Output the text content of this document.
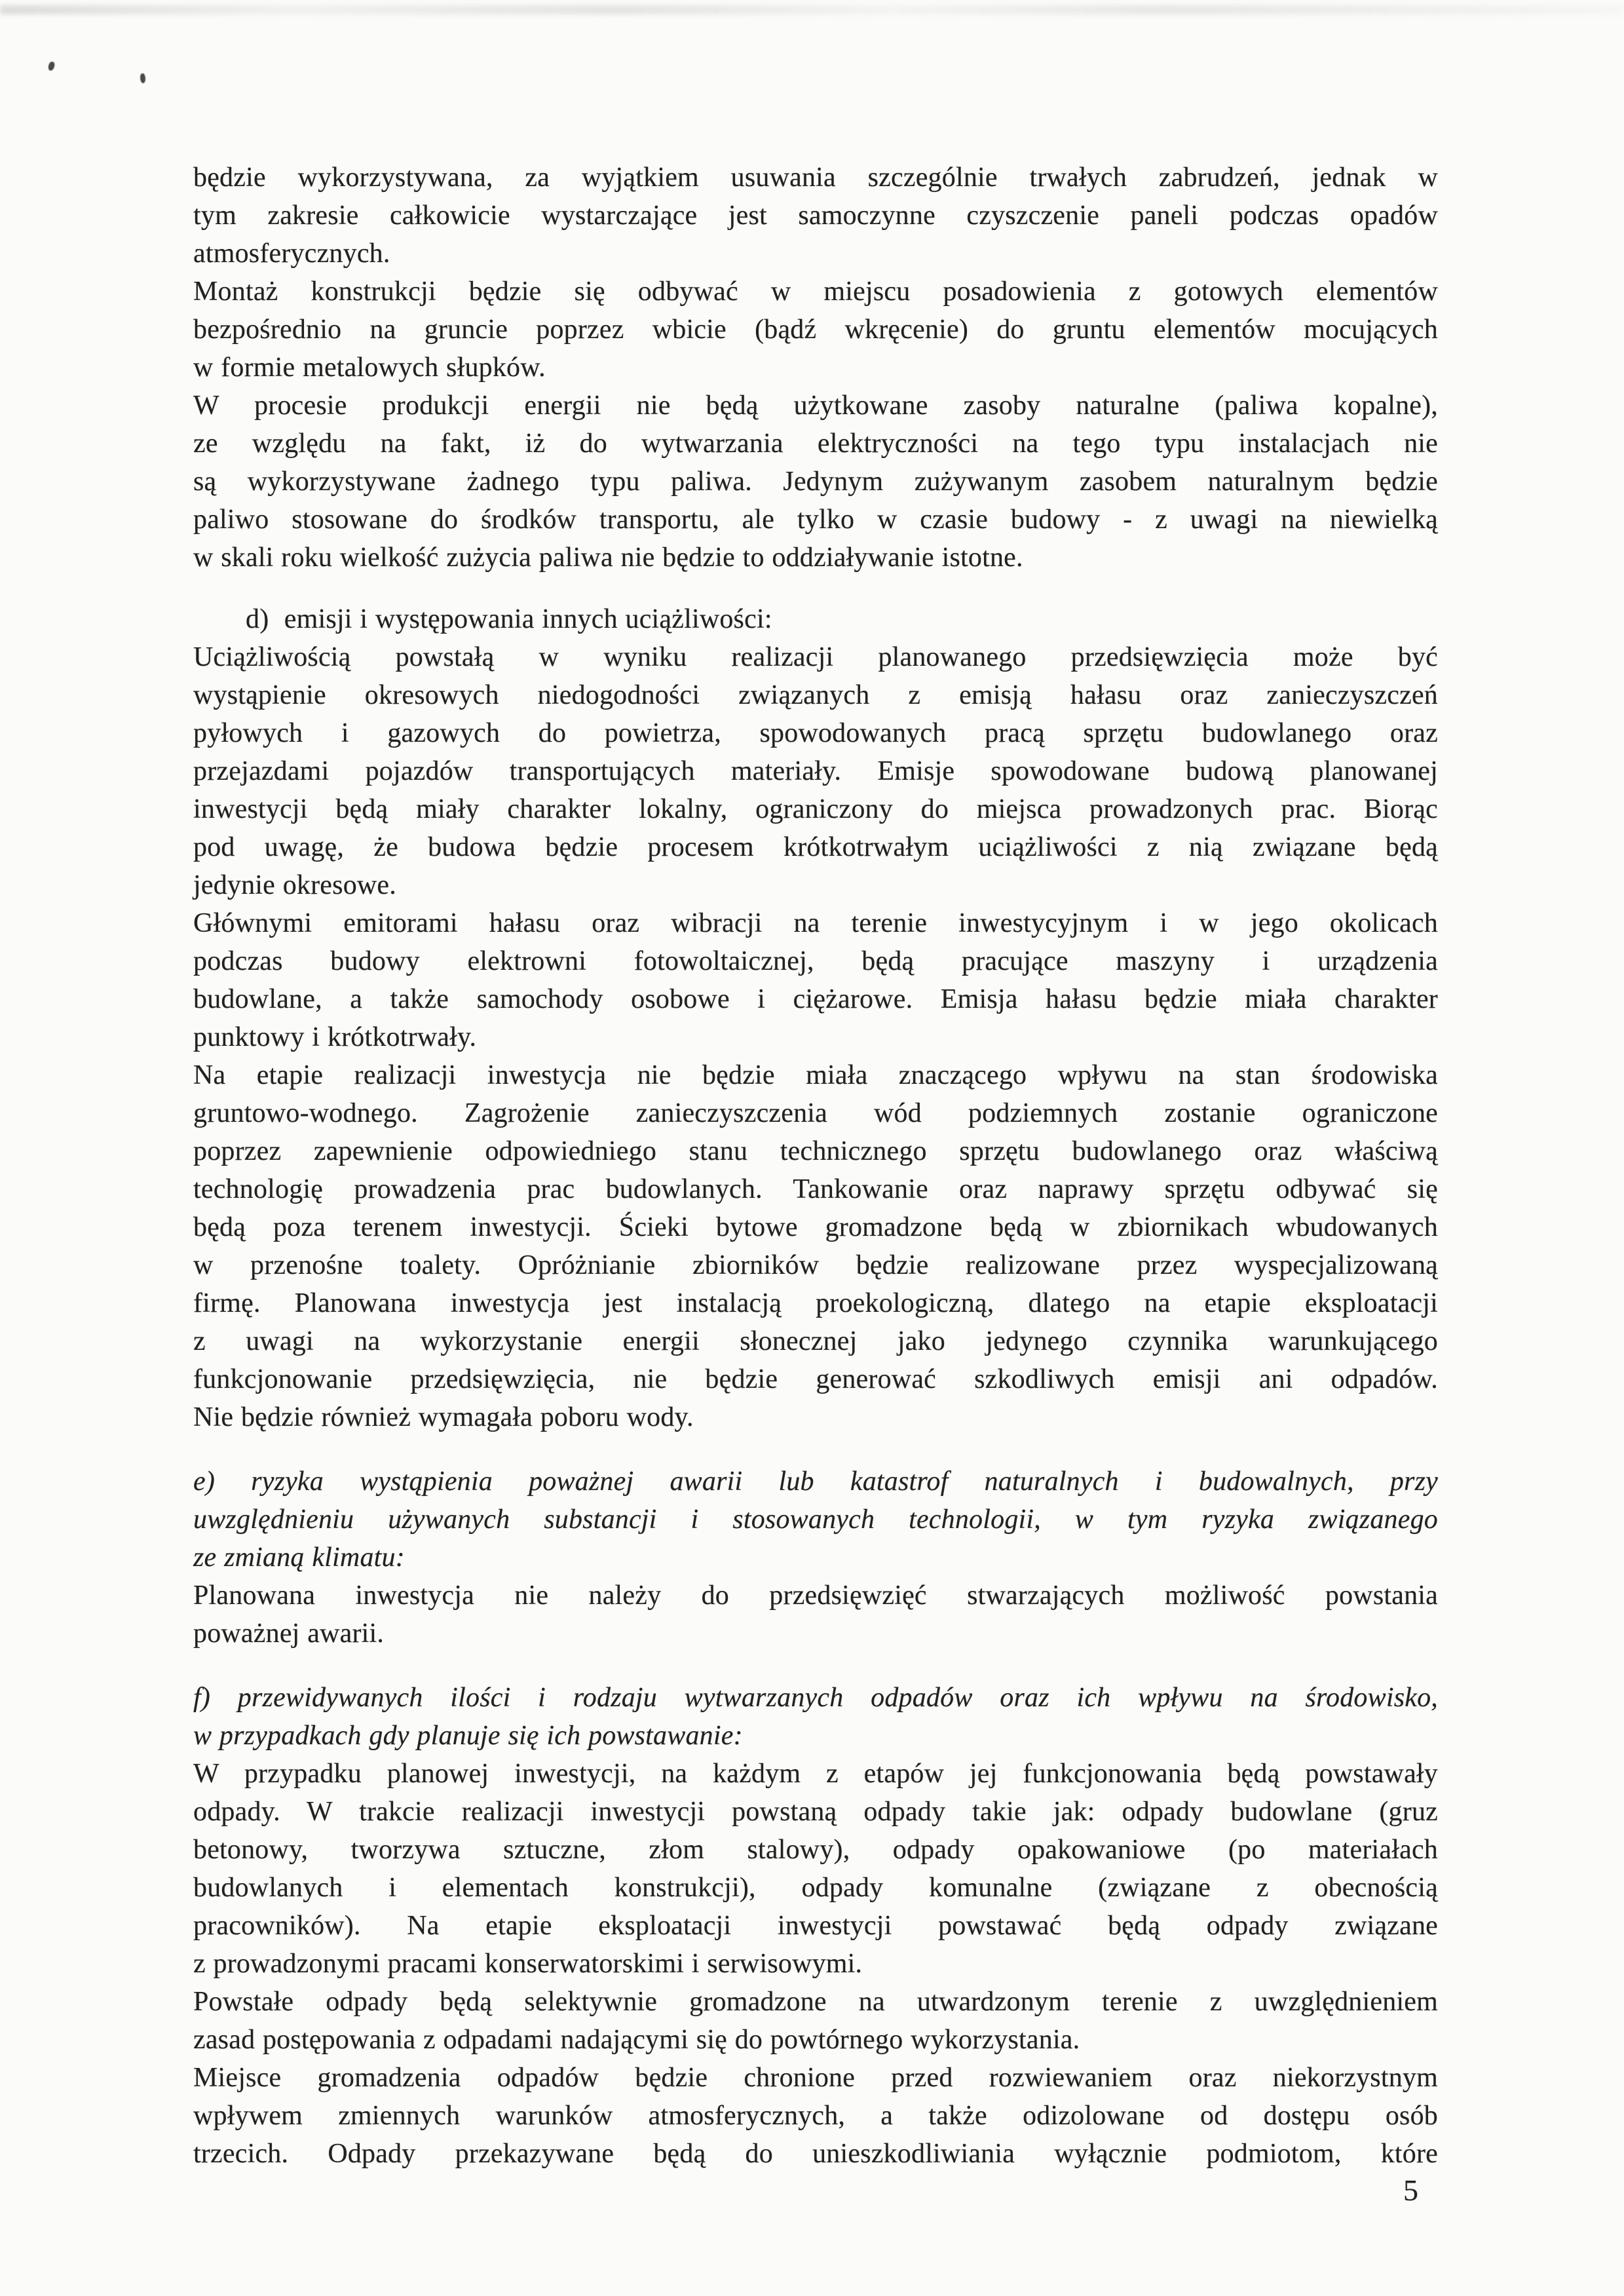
będzie wykorzystywana, za wyjątkiem usuwania szczególnie trwałych zabrudzeń, jednak w
tym zakresie całkowicie wystarczające jest samoczynne czyszczenie paneli podczas opadów
atmosferycznych.
Montaż konstrukcji będzie się odbywać w miejscu posadowienia z gotowych elementów
bezpośrednio na gruncie poprzez wbicie (bądź wkręcenie) do gruntu elementów mocujących
w formie metalowych słupków.
W procesie produkcji energii nie będą użytkowane zasoby naturalne (paliwa kopalne),
ze względu na fakt, iż do wytwarzania elektryczności na tego typu instalacjach nie
są wykorzystywane żadnego typu paliwa. Jedynym zużywanym zasobem naturalnym będzie
paliwo stosowane do środków transportu, ale tylko w czasie budowy - z uwagi na niewielką
w skali roku wielkość zużycia paliwa nie będzie to oddziaływanie istotne.
d)  emisji i występowania innych uciążliwości:
Uciążliwością powstałą w wyniku realizacji planowanego przedsięwzięcia może być
wystąpienie okresowych niedogodności związanych z emisją hałasu oraz zanieczyszczeń
pyłowych i gazowych do powietrza, spowodowanych pracą sprzętu budowlanego oraz
przejazdami pojazdów transportujących materiały. Emisje spowodowane budową planowanej
inwestycji będą miały charakter lokalny, ograniczony do miejsca prowadzonych prac. Biorąc
pod uwagę, że budowa będzie procesem krótkotrwałym uciążliwości z nią związane będą
jedynie okresowe.
Głównymi emitorami hałasu oraz wibracji na terenie inwestycyjnym i w jego okolicach
podczas budowy elektrowni fotowoltaicznej, będą pracujące maszyny i urządzenia
budowlane, a także samochody osobowe i ciężarowe. Emisja hałasu będzie miała charakter
punktowy i krótkotrwały.
Na etapie realizacji inwestycja nie będzie miała znaczącego wpływu na stan środowiska
gruntowo-wodnego. Zagrożenie zanieczyszczenia wód podziemnych zostanie ograniczone
poprzez zapewnienie odpowiedniego stanu technicznego sprzętu budowlanego oraz właściwą
technologię prowadzenia prac budowlanych. Tankowanie oraz naprawy sprzętu odbywać się
będą poza terenem inwestycji. Ścieki bytowe gromadzone będą w zbiornikach wbudowanych
w przenośne toalety. Opróżnianie zbiorników będzie realizowane przez wyspecjalizowaną
firmę. Planowana inwestycja jest instalacją proekologiczną, dlatego na etapie eksploatacji
z uwagi na wykorzystanie energii słonecznej jako jedynego czynnika warunkującego
funkcjonowanie przedsięwzięcia, nie będzie generować szkodliwych emisji ani odpadów.
Nie będzie również wymagała poboru wody.
e) ryzyka wystąpienia poważnej awarii lub katastrof naturalnych i budowalnych, przy
uwzględnieniu używanych substancji i stosowanych technologii, w tym ryzyka związanego
ze zmianą klimatu:
Planowana inwestycja nie należy do przedsięwzięć stwarzających możliwość powstania
poważnej awarii.
f) przewidywanych ilości i rodzaju wytwarzanych odpadów oraz ich wpływu na środowisko,
w przypadkach gdy planuje się ich powstawanie:
W przypadku planowej inwestycji, na każdym z etapów jej funkcjonowania będą powstawały
odpady. W trakcie realizacji inwestycji powstaną odpady takie jak: odpady budowlane (gruz
betonowy, tworzywa sztuczne, złom stalowy), odpady opakowaniowe (po materiałach
budowlanych i elementach konstrukcji), odpady komunalne (związane z obecnością
pracowników). Na etapie eksploatacji inwestycji powstawać będą odpady związane
z prowadzonymi pracami konserwatorskimi i serwisowymi.
Powstałe odpady będą selektywnie gromadzone na utwardzonym terenie z uwzględnieniem
zasad postępowania z odpadami nadającymi się do powtórnego wykorzystania.
Miejsce gromadzenia odpadów będzie chronione przed rozwiewaniem oraz niekorzystnym
wpływem zmiennych warunków atmosferycznych, a także odizolowane od dostępu osób
trzecich. Odpady przekazywane będą do unieszkodliwiania wyłącznie podmiotom, które
5
